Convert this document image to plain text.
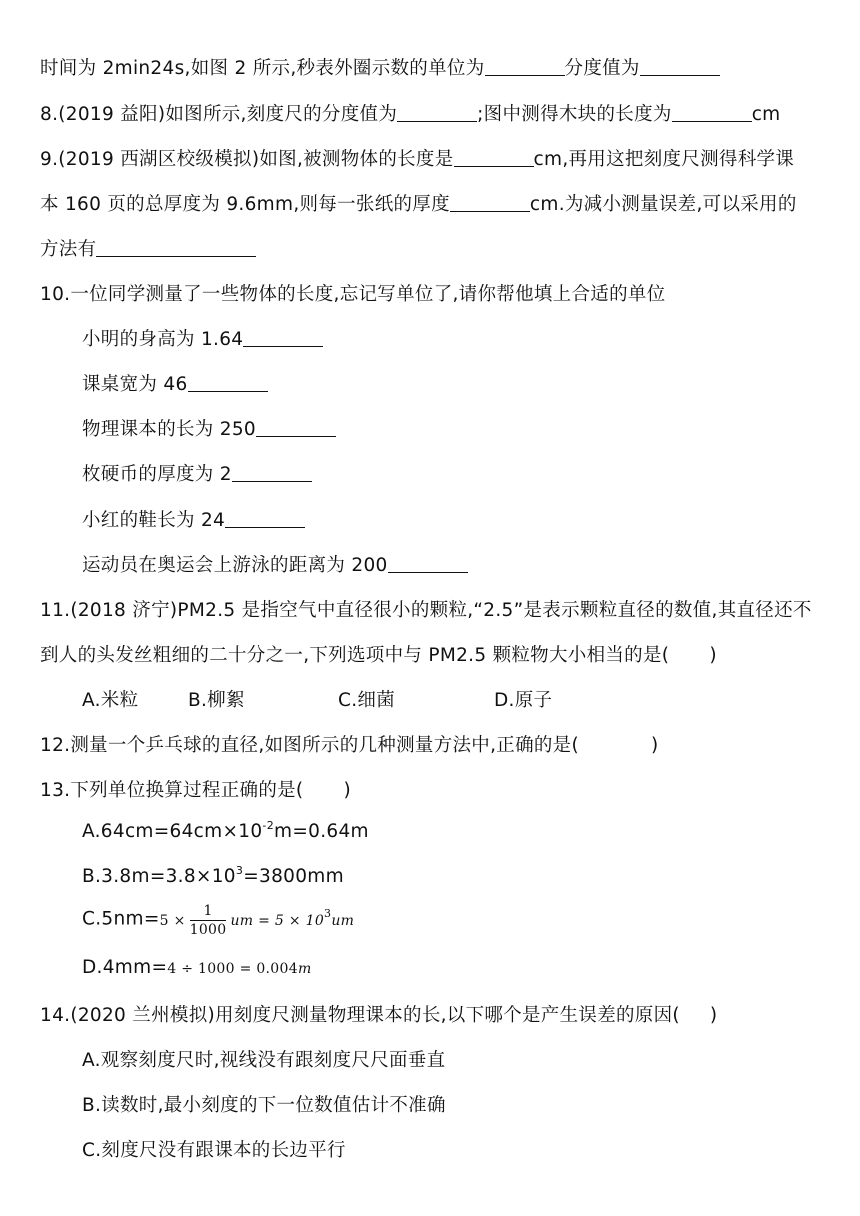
时间为 2min24s,如图 2 所示,秒表外圈示数的单位为	分度值为
8.(2019 益阳)如图所示,刻度尺的分度值为	;图中测得木块的长度为	cm
9.(2019 西湖区校级模拟)如图,被测物体的长度是	cm,再用这把刻度尺测得科学课
本 160 页的总厚度为 9.6mm,则每一张纸的厚度	cm.为减小测量误差,可以采用的
方法有
10.一位同学测量了一些物体的长度,忘记写单位了,请你帮他填上合适的单位
小明的身高为 1.64
课桌宽为 46
物理课本的长为 250
枚硬币的厚度为 2
小红的鞋长为 24
运动员在奥运会上游泳的距离为 200
11.(2018 济宁)PM2.5 是指空气中直径很小的颗粒,“2.5”是表示颗粒直径的数值,其直径还不
到人的头发丝粗细的二十分之一,下列选项中与 PM2.5 颗粒物大小相当的是( )
A.米粒	B.柳絮	C.细菌	D.原子
12.测量一个乒乓球的直径,如图所示的几种测量方法中,正确的是(	)
13.下列单位换算过程正确的是( )
$A.64cm=64cm\times 10^{-2}m=0.64m$
$B.3.8m=3.8\times 10^3=3800mm$
$C.5nm=5 \times \frac{1}{1000}$ um = $5 \times 10^3um$
D.4mm=4 ÷ 1000 = 0.004m
14.(2020 兰州模拟)用刻度尺测量物理课本的长,以下哪个是产生误差的原因( )
A.观察刻度尺时,视线没有跟刻度尺尺面垂直
B.读数时,最小刻度的下一位数值估计不准确
C.刻度尺没有跟课本的长边平行
